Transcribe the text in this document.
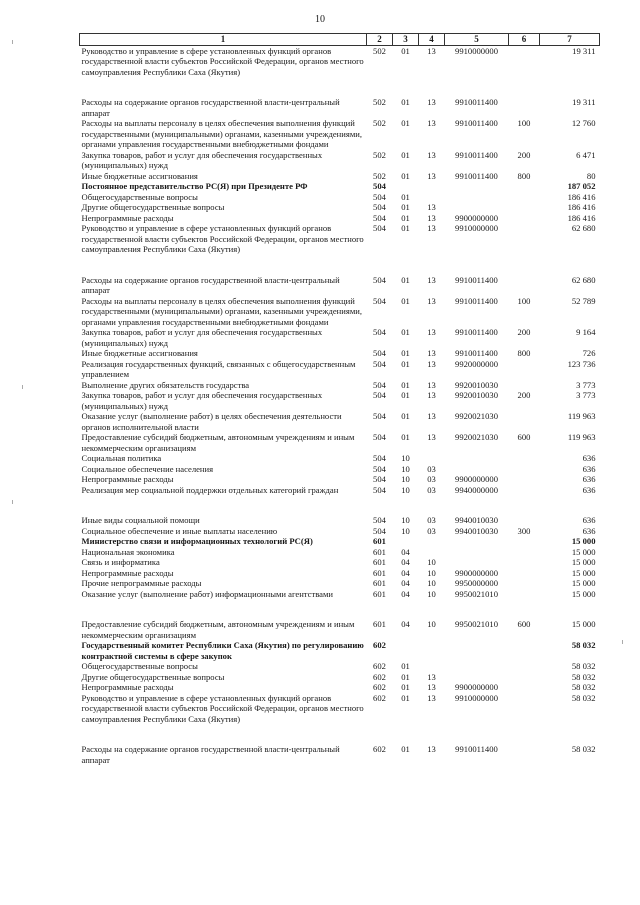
10
1	2	3	4	5	6	7
Руководство и управление в сфере установленных функций органов государственной власти субъектов Российской Федерации, органов местного самоуправления Республики Саха (Якутия)	502	01	13	9910000000		19 311

Расходы на содержание органов государственной власти-центральный аппарат	502	01	13	9910011400		19 311
Расходы на выплаты персоналу в целях обеспечения выполнения функций государственными (муниципальными) органами, казенными учреждениями, органами управления государственными внебюджетными фондами	502	01	13	9910011400	100	12 760
Закупка товаров, работ и услуг для обеспечения государственных (муниципальных) нужд	502	01	13	9910011400	200	6 471
Иные бюджетные ассигнования	502	01	13	9910011400	800	80
Постоянное представительство РС(Я) при Президенте РФ	504					187 052
Общегосударственные вопросы	504	01				186 416
Другие общегосударственные вопросы	504	01	13			186 416
Непрограммные расходы	504	01	13	9900000000		186 416
Руководство и управление в сфере установленных функций органов государственной власти субъектов Российской Федерации, органов местного самоуправления Республики Саха (Якутия)	504	01	13	9910000000		62 680

Расходы на содержание органов государственной власти-центральный аппарат	504	01	13	9910011400		62 680
Расходы на выплаты персоналу в целях обеспечения выполнения функций государственными (муниципальными) органами, казенными учреждениями, органами управления государственными внебюджетными фондами	504	01	13	9910011400	100	52 789
Закупка товаров, работ и услуг для обеспечения государственных (муниципальных) нужд	504	01	13	9910011400	200	9 164
Иные бюджетные ассигнования	504	01	13	9910011400	800	726
Реализация государственных функций, связанных с общегосударственным управлением	504	01	13	9920000000		123 736
Выполнение других обязательств государства	504	01	13	9920010030		3 773
Закупка товаров, работ и услуг для обеспечения государственных (муниципальных) нужд	504	01	13	9920010030	200	3 773
Оказание услуг (выполнение работ) в целях обеспечения деятельности органов исполнительной власти	504	01	13	9920021030		119 963
Предоставление субсидий бюджетным, автономным учреждениям и иным некоммерческим организациям	504	01	13	9920021030	600	119 963
Социальная политика	504	10				636
Социальное обеспечение населения	504	10	03			636
Непрограммные расходы	504	10	03	9900000000		636
Реализация мер социальной поддержки отдельных категорий граждан	504	10	03	9940000000		636

Иные виды социальной помощи	504	10	03	9940010030		636
Социальное обеспечение и иные выплаты населению	504	10	03	9940010030	300	636
Министерство связи и информационных технологий РС(Я)	601					15 000
Национальная экономика	601	04				15 000
Связь и информатика	601	04	10			15 000
Непрограммные расходы	601	04	10	9900000000		15 000
Прочие непрограммные расходы	601	04	10	9950000000		15 000
Оказание услуг (выполнение работ) информационными агентствами	601	04	10	9950021010		15 000

Предоставление субсидий бюджетным, автономным учреждениям и иным некоммерческим организациям	601	04	10	9950021010	600	15 000
Государственный комитет Республики Саха (Якутия) по регулированию контрактной системы в сфере закупок	602					58 032
Общегосударственные вопросы	602	01				58 032
Другие общегосударственные вопросы	602	01	13			58 032
Непрограммные расходы	602	01	13	9900000000		58 032
Руководство и управление в сфере установленных функций органов государственной власти субъектов Российской Федерации, органов местного самоуправления Республики Саха (Якутия)	602	01	13	9910000000		58 032

Расходы на содержание органов государственной власти-центральный аппарат	602	01	13	9910011400		58 032
